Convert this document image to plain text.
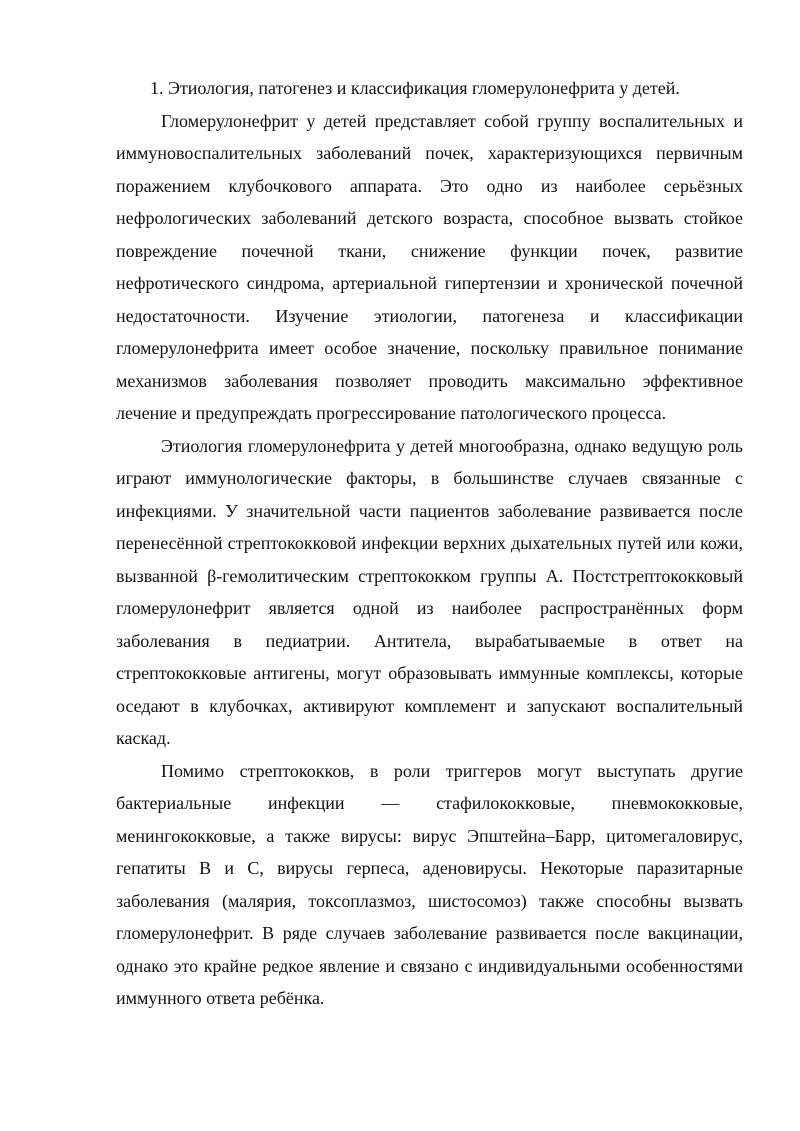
1. Этиология, патогенез и классификация гломерулонефрита у детей.

Гломерулонефрит у детей представляет собой группу воспалительных и иммуновоспалительных заболеваний почек, характеризующихся первичным поражением клубочкового аппарата. Это одно из наиболее серьёзных нефрологических заболеваний детского возраста, способное вызвать стойкое повреждение почечной ткани, снижение функции почек, развитие нефротического синдрома, артериальной гипертензии и хронической почечной недостаточности. Изучение этиологии, патогенеза и классификации гломерулонефрита имеет особое значение, поскольку правильное понимание механизмов заболевания позволяет проводить максимально эффективное лечение и предупреждать прогрессирование патологического процесса.

Этиология гломерулонефрита у детей многообразна, однако ведущую роль играют иммунологические факторы, в большинстве случаев связанные с инфекциями. У значительной части пациентов заболевание развивается после перенесённой стрептококковой инфекции верхних дыхательных путей или кожи, вызванной β-гемолитическим стрептококком группы A. Постстрептококковый гломерулонефрит является одной из наиболее распространённых форм заболевания в педиатрии. Антитела, вырабатываемые в ответ на стрептококковые антигены, могут образовывать иммунные комплексы, которые оседают в клубочках, активируют комплемент и запускают воспалительный каскад.

Помимо стрептококков, в роли триггеров могут выступать другие бактериальные инфекции — стафилококковые, пневмококковые, менингококковые, а также вирусы: вирус Эпштейна–Барр, цитомегаловирус, гепатиты B и C, вирусы герпеса, аденовирусы. Некоторые паразитарные заболевания (малярия, токсоплазмоз, шистосомоз) также способны вызвать гломерулонефрит. В ряде случаев заболевание развивается после вакцинации, однако это крайне редкое явление и связано с индивидуальными особенностями иммунного ответа ребёнка.
